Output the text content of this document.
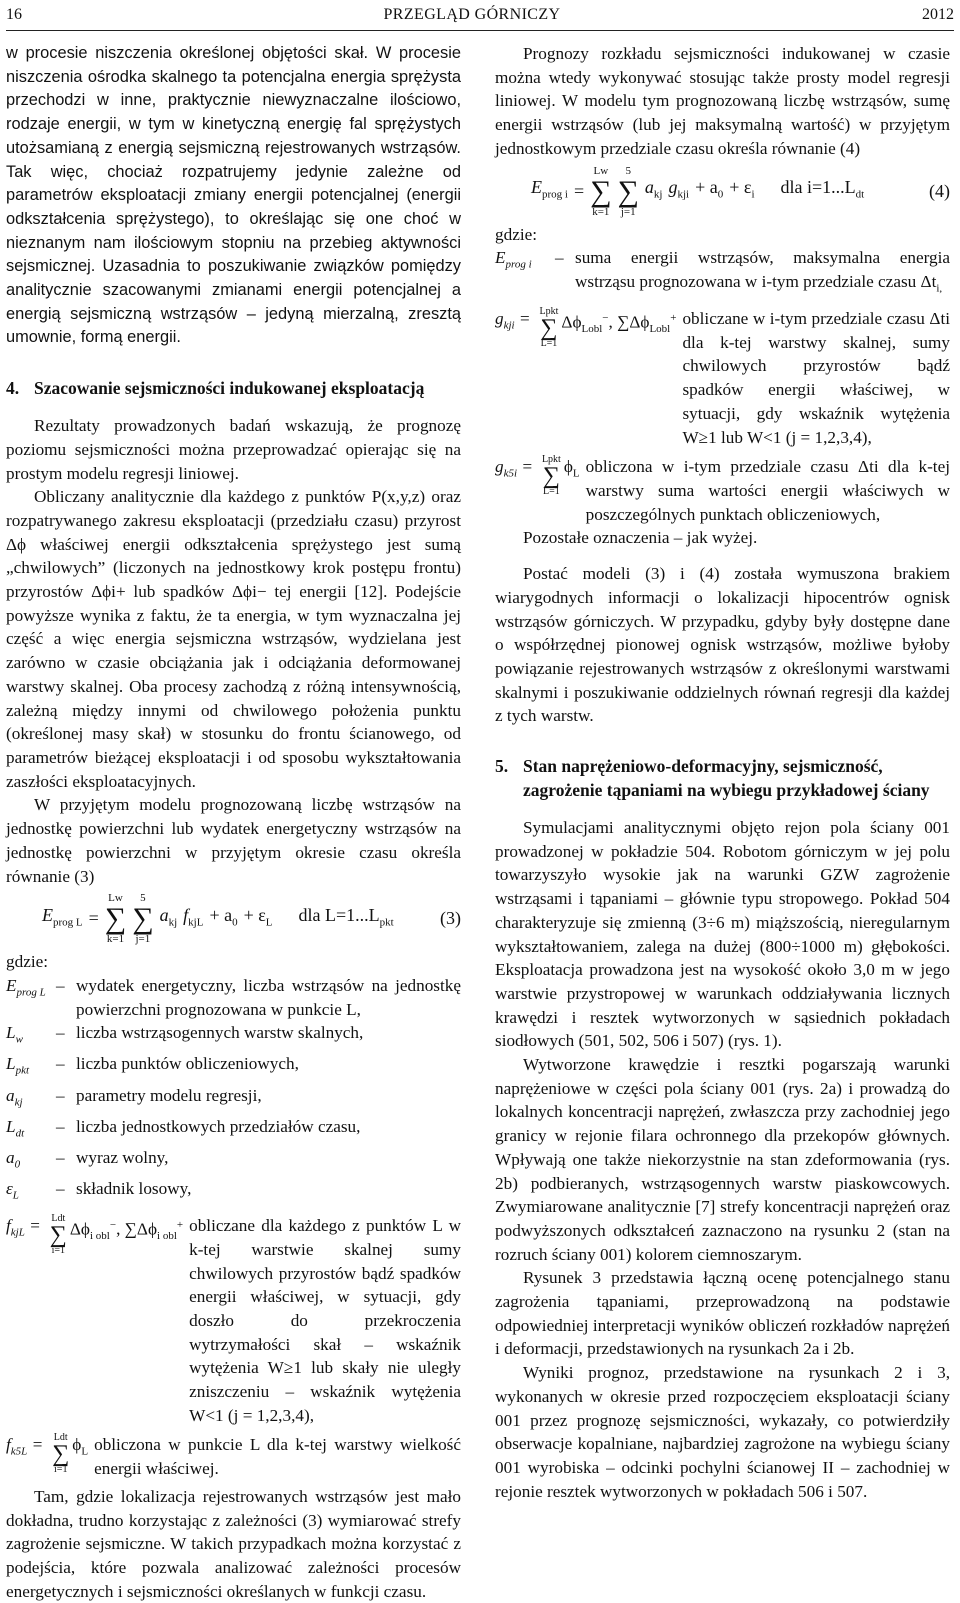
16	PRZEGLĄD GÓRNICZY	2012

w procesie niszczenia określonej objętości skał. W procesie niszczenia ośrodka skalnego ta potencjalna energia sprężysta przechodzi w inne, praktycznie niewyznaczalne ilościowo, rodzaje energii, w tym w kinetyczną energię fal sprężystych utożsamianą z energią sejsmiczną rejestrowanych wstrząsów. Tak więc, chociaż rozpatrujemy jedynie zależne od parametrów eksploatacji zmiany energii potencjalnej (energii odkształcenia sprężystego), to określając się one choć w nieznanym nam ilościowym stopniu na przebieg aktywności sejsmicznej. Uzasadnia to poszukiwanie związków pomiędzy analitycznie szacowanymi zmianami energii potencjalnej a energią sejsmiczną wstrząsów – jedyną mierzalną, zresztą umownie, formą energii.

4. Szacowanie sejsmiczności indukowanej eksploatacją

Rezultaty prowadzonych badań wskazują, że prognozę poziomu sejsmiczności można przeprowadzać opierając się na prostym modelu regresji liniowej.

Obliczany analitycznie dla każdego z punktów P(x,y,z) oraz rozpatrywanego zakresu eksploatacji (przedziału czasu) przyrost Δϕ właściwej energii odkształcenia sprężystego jest sumą „chwilowych” (liczonych na jednostkowy krok postępu frontu) przyrostów Δϕi+ lub spadków Δϕi− tej energii [12]. Podejście powyższe wynika z faktu, że ta energia, w tym wyznaczalna jej część a więc energia sejsmiczna wstrząsów, wydzielana jest zarówno w czasie obciążania jak i odciążania deformowanej warstwy skalnej. Oba procesy zachodzą z różną intensywnością, zależną między innymi od chwilowego położenia punktu (określonej masy skał) w stosunku do frontu ścianowego, od parametrów bieżącej eksploatacji i od sposobu wykształtowania zaszłości eksploatacyjnych.

W przyjętym modelu prognozowaną liczbę wstrząsów na jednostkę powierzchni lub wydatek energetyczny wstrząsów na jednostkę powierzchni w przyjętym okresie czasu określa równanie (3)

$E_{prog L}$ =
Lw
∑
k=1
5
∑
j=1
$a_{kj}$ $f_{kjL} + a_0 + \varepsilon_L$ dla $L=1...L_{pkt}$	(3)

gdzie:

$E_{prog L}$ – wydatek energetyczny, liczba wstrząsów na jednostkę powierzchni prognozowana w punkcie L,
$L_w$	– liczba wstrząsogennych warstw skalnych,
$L_{pkt}$	– liczba punktów obliczeniowych,
$a_{kj}$	– parametry modelu regresji,
$L_{dt}$	– liczba jednostkowych przedziałów czasu,
$a_0$	– wyraz wolny,
$\varepsilon_L$	– składnik losowy,
$f_{kjL}$ = Ldt
∑
i=1
$\Delta\phi_{i obl}^-$, $\sum\Delta\phi_{i obl}^+$ obliczane dla każdego z punktów L w k-tej warstwie skalnej sumy chwilowych przyrostów bądź spadków energii właściwej, w sytuacji, gdy doszło do przekroczenia wytrzymałości skał – wskaźnik wytężenia W≥1 lub skały nie uległy zniszczeniu – wskaźnik wytężenia W<1 (j = 1,2,3,4),
$f_{k5L}$ = Ldt
∑
i=1
$\phi_L$ obliczona w punkcie L dla k-tej warstwy wielkość energii właściwej.

Tam, gdzie lokalizacja rejestrowanych wstrząsów jest mało dokładna, trudno korzystając z zależności (3) wymiarować strefy zagrożenie sejsmiczne. W takich przypadkach można korzystać z podejścia, które pozwala analizować zależności procesów energetycznych i sejsmiczności określanych w funkcji czasu.

Prognozy rozkładu sejsmiczności indukowanej w czasie można wtedy wykonywać stosując także prosty model regresji liniowej. W modelu tym prognozowaną liczbę wstrząsów, sumę energii wstrząsów (lub jej maksymalną wartość) w przyjętym jednostkowym przedziale czasu określa równanie (4)

$E_{prog i}$ =
Lw
∑
k=1
5
∑
j=1
$a_{kj}$ $g_{kji} + a_0 + \varepsilon_i$ dla $i=1...L_{dt}$	(4)

gdzie:

$E_{prog i}$	– suma energii wstrząsów, maksymalna energia wstrząsu prognozowana w i-tym przedziale czasu $\Delta t_{i,}$
$g_{kji}$ = Lpkt
∑
L=1
$\Delta\phi_{Lobl}^-$, $\sum\Delta\phi_{Lobl}^+$ obliczane w i-tym przedziale czasu Δti dla k-tej warstwy skalnej, sumy chwilowych przyrostów bądź spadków energii właściwej, w sytuacji, gdy wskaźnik wytężenia W≥1 lub W<1 (j = 1,2,3,4),
$g_{k5i}$ = Lpkt
∑
L=1
$\phi_L$ obliczona w i-tym przedziale czasu Δti dla k-tej warstwy suma wartości energii właściwych w poszczególnych punktach obliczeniowych,

Pozostałe oznaczenia – jak wyżej.

Postać modeli (3) i (4) została wymuszona brakiem wiarygodnych informacji o lokalizacji hipocentrów ognisk wstrząsów górniczych. W przypadku, gdyby były dostępne dane o współrzędnej pionowej ognisk wstrząsów, możliwe byłoby powiązanie rejestrowanych wstrząsów z określonymi warstwami skalnymi i poszukiwanie oddzielnych równań regresji dla każdej z tych warstw.

5. Stan naprężeniowo-deformacyjny, sejsmiczność, zagrożenie tąpaniami na wybiegu przykładowej ściany

Symulacjami analitycznymi objęto rejon pola ściany 001 prowadzonej w pokładzie 504. Robotom górniczym w jej polu towarzyszyło wysokie jak na warunki GZW zagrożenie wstrząsami i tąpaniami – głównie typu stropowego. Pokład 504 charakteryzuje się zmienną (3÷6 m) miąższością, nieregularnym wykształtowaniem, zalega na dużej (800÷1000 m) głębokości. Eksploatacja prowadzona jest na wysokość około 3,0 m w jego warstwie przystropowej w warunkach oddziaływania licznych krawędzi i resztek wytworzonych w sąsiednich pokładach siodłowych (501, 502, 506 i 507) (rys. 1).

Wytworzone krawędzie i resztki pogarszają warunki naprężeniowe w części pola ściany 001 (rys. 2a) i prowadzą do lokalnych koncentracji naprężeń, zwłaszcza przy zachodniej jego granicy w rejonie filara ochronnego dla przekopów głównych. Wpływają one także niekorzystnie na stan zdeformowania (rys. 2b) podbieranych, wstrząsogennych warstw piaskowcowych. Zwymiarowane analitycznie [7] strefy koncentracji naprężeń oraz podwyższonych odkształceń zaznaczono na rysunku 2 (stan na rozruch ściany 001) kolorem ciemnoszarym.

Rysunek 3 przedstawia łączną ocenę potencjalnego stanu zagrożenia tąpaniami, przeprowadzoną na podstawie odpowiedniej interpretacji wyników obliczeń rozkładów naprężeń i deformacji, przedstawionych na rysunkach 2a i 2b.

Wyniki prognoz, przedstawione na rysunkach 2 i 3, wykonanych w okresie przed rozpoczęciem eksploatacji ściany 001 przez prognozę sejsmiczności, wykazały, co potwierdziły obserwacje kopalniane, najbardziej zagrożone na wybiegu ściany 001 wyrobiska – odcinki pochylni ścianowej II – zachodniej w rejonie resztek wytworzonych w pokładach 506 i 507.
